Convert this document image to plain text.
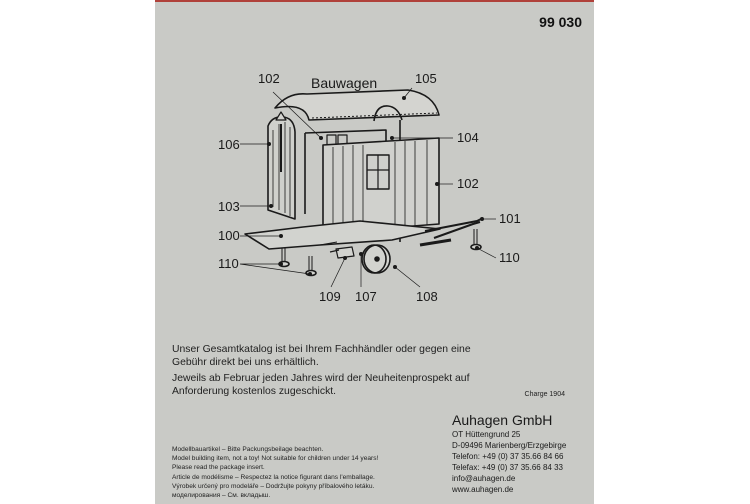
99 030
Bauwagen
102	105
106	104
102
103
101
100
110	110
109 107	108

Unser Gesamtkatalog ist bei Ihrem Fachhändler oder gegen eine

Gebühr direkt bei uns erhältlich.

Jeweils ab Februar jeden Jahres wird der Neuheitenprospekt auf

Anforderung kostenlos zugeschickt.	Charge 1904
Auhagen GmbH
OT Hüttengrund 25
D-09496 Marienberg/Erzgebirge
Telefon: +49 (0) 37 35.66 84 66
Telefax: +49 (0) 37 35.66 84 33
info@auhagen.de
www.auhagen.de

Modellbauartikel – Bitte Packungsbeilage beachten.

Model building item, not a toy! Not suitable for children under 14 years!

Please read the package insert.

Article de modélisme – Respectez la notice figurant dans l'emballage.

Výrobek určený pro modeláře – Dodržujte pokyny příbalového letáku.

моделирования – См. вкладыш.
